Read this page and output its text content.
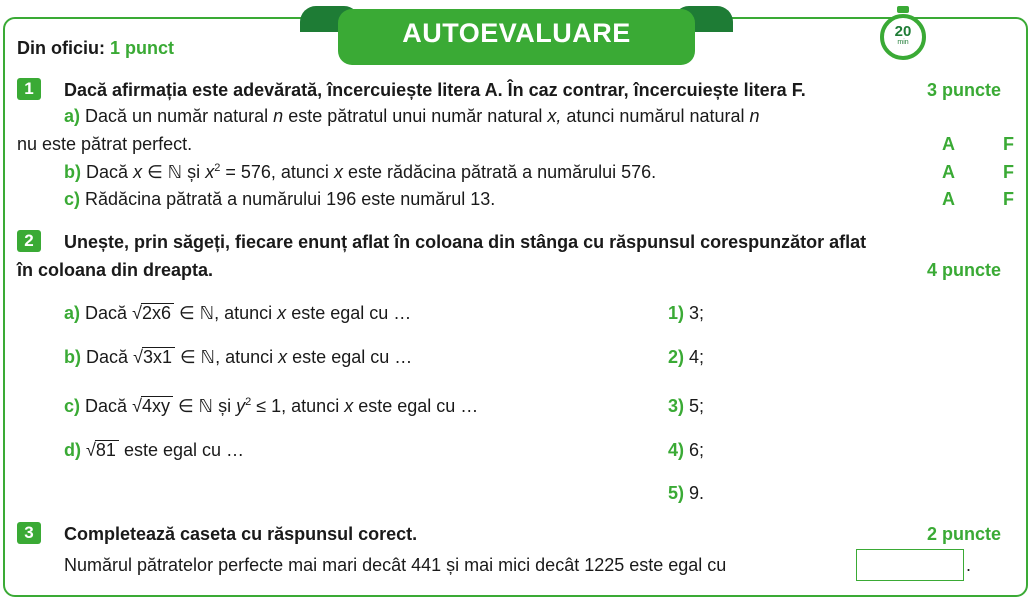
AUTOEVALUARE	20
min
Din oficiu: 1 punct
1	Dacă afirmația este adevărată, încercuiește litera A. În caz contrar, încercuiește litera F.	3 puncte
a) Dacă un număr natural n este pătratul unui număr natural x, atunci numărul natural n
nu este pătrat perfect.	A	F
b) Dacă x ∈ ℕ și $x^2 = 576$, atunci x este rădăcina pătrată a numărului 576.	A	F
c) Rădăcina pătrată a numărului 196 este numărul 13.	A	F
2	Unește, prin săgeți, fiecare enunț aflat în coloana din stânga cu răspunsul corespunzător aflat
în coloana din dreapta.	4 puncte
a) Dacă √2x6 ∈ ℕ, atunci x este egal cu …
b) Dacă √3x1 ∈ ℕ, atunci x este egal cu …
c) Dacă √4xy ∈ ℕ și $y^2 \le 1$, atunci x este egal cu …
d) √81 este egal cu …
1) 3;
2) 4;
3) 5;
4) 6;
5) 9.
3	Completează caseta cu răspunsul corect.	2 puncte
Numărul pătratelor perfecte mai mari decât 441 și mai mici decât 1225 este egal cu	.
